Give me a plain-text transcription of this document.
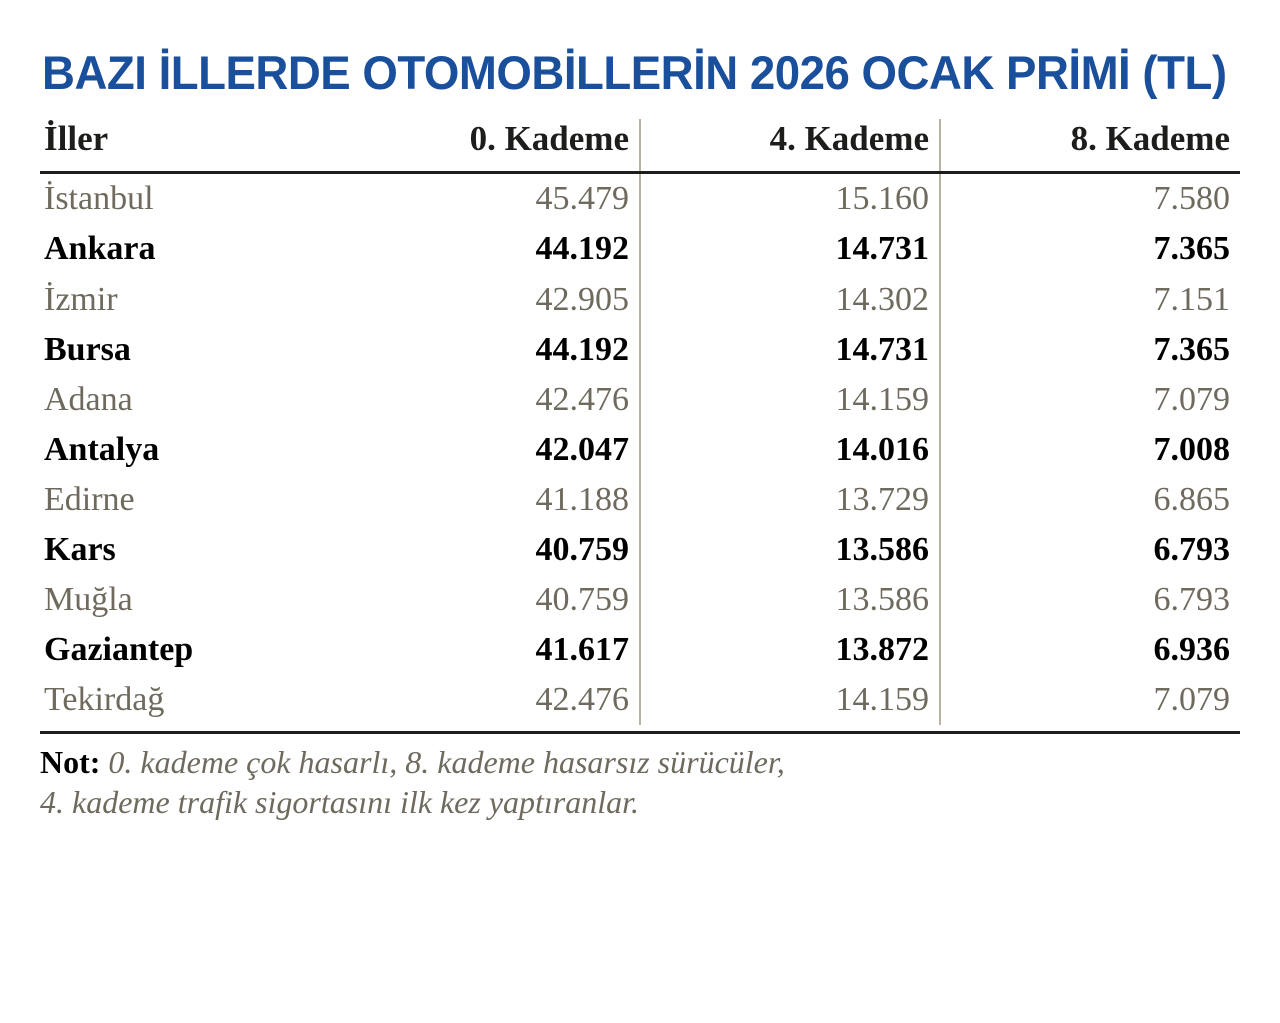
BAZI İLLERDE OTOMOBİLLERİN 2026 OCAK PRİMİ (TL)
İller	0. Kademe	4. Kademe	8. Kademe
İstanbul	45.479	15.160	7.580
Ankara	44.192	14.731	7.365
İzmir	42.905	14.302	7.151
Bursa	44.192	14.731	7.365
Adana	42.476	14.159	7.079
Antalya	42.047	14.016	7.008
Edirne	41.188	13.729	6.865
Kars	40.759	13.586	6.793
Muğla	40.759	13.586	6.793
Gaziantep	41.617	13.872	6.936
Tekirdağ	42.476	14.159	7.079
Not: 0. kademe çok hasarlı, 8. kademe hasarsız sürücüler,
4. kademe trafik sigortasını ilk kez yaptıranlar.
